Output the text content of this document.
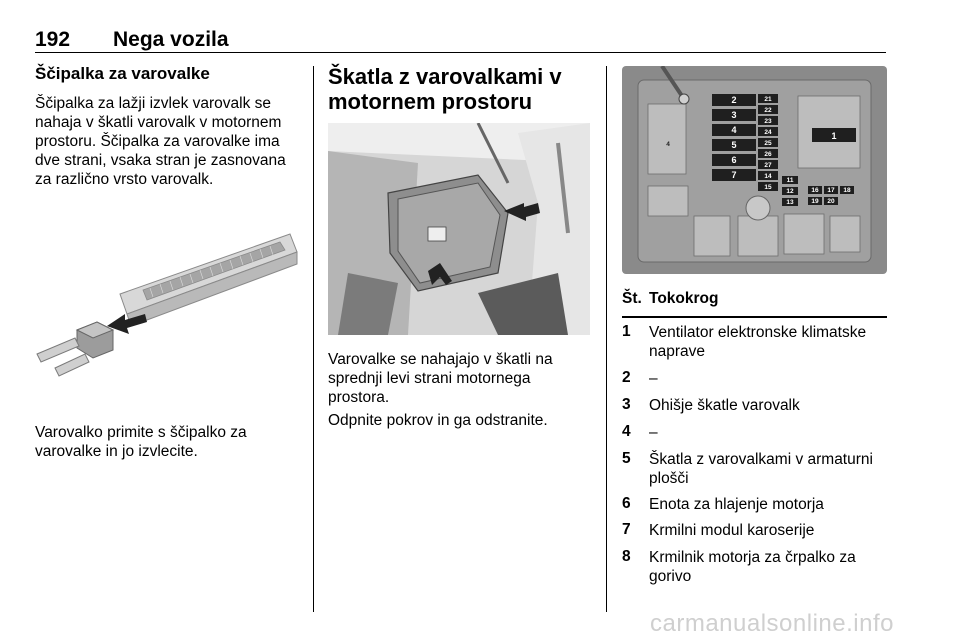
192 Nega vozila
Ščipalka za varovalke
Ščipalka za lažji izvlek varovalk se nahaja v škatli varovalk v motornem prostoru. Ščipalka za varovalke ima dve strani, vsaka stran je zasnovana za različno vrsto varovalk.
Varovalko primite s ščipalko za varovalke in jo izvlecite.
Škatla z varovalkami v motornem prostoru
Varovalke se nahajajo v škatli na sprednji levi strani motornega prostora.
Odpnite pokrov in ga odstranite.
2
3
4
5
6
7
1
21
22
23
24
25
26
27
14
15
11
12
13
16 17 18
19 20
4
Št. Tokokrog
1 Ventilator elektronske klimatske naprave
2 –
3 Ohišje škatle varovalk
4 –
5 Škatla z varovalkami v armaturni plošči
6 Enota za hlajenje motorja
7 Krmilni modul karoserije
8 Krmilnik motorja za črpalko za gorivo
carmanualsonline.info
